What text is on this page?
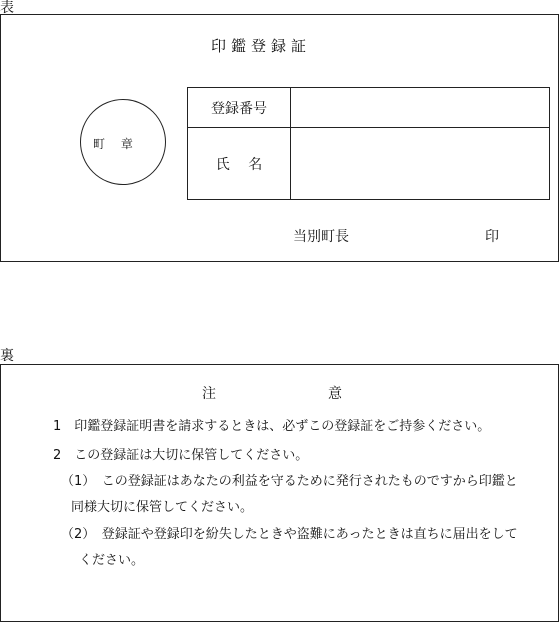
表
印鑑登録証
町　 章
登録番号	
氏　 名	
当別町長	印
裏
注　　　　　　　　意
1　印鑑登録証明書を請求するときは、必ずこの登録証をご持参ください。
2　この登録証は大切に保管してください。
（1）　この登録証はあなたの利益を守るために発行されたものですから印鑑と
同様大切に保管してください。
（2）　登録証や登録印を紛失したときや盗難にあったときは直ちに届出をして
ください。
